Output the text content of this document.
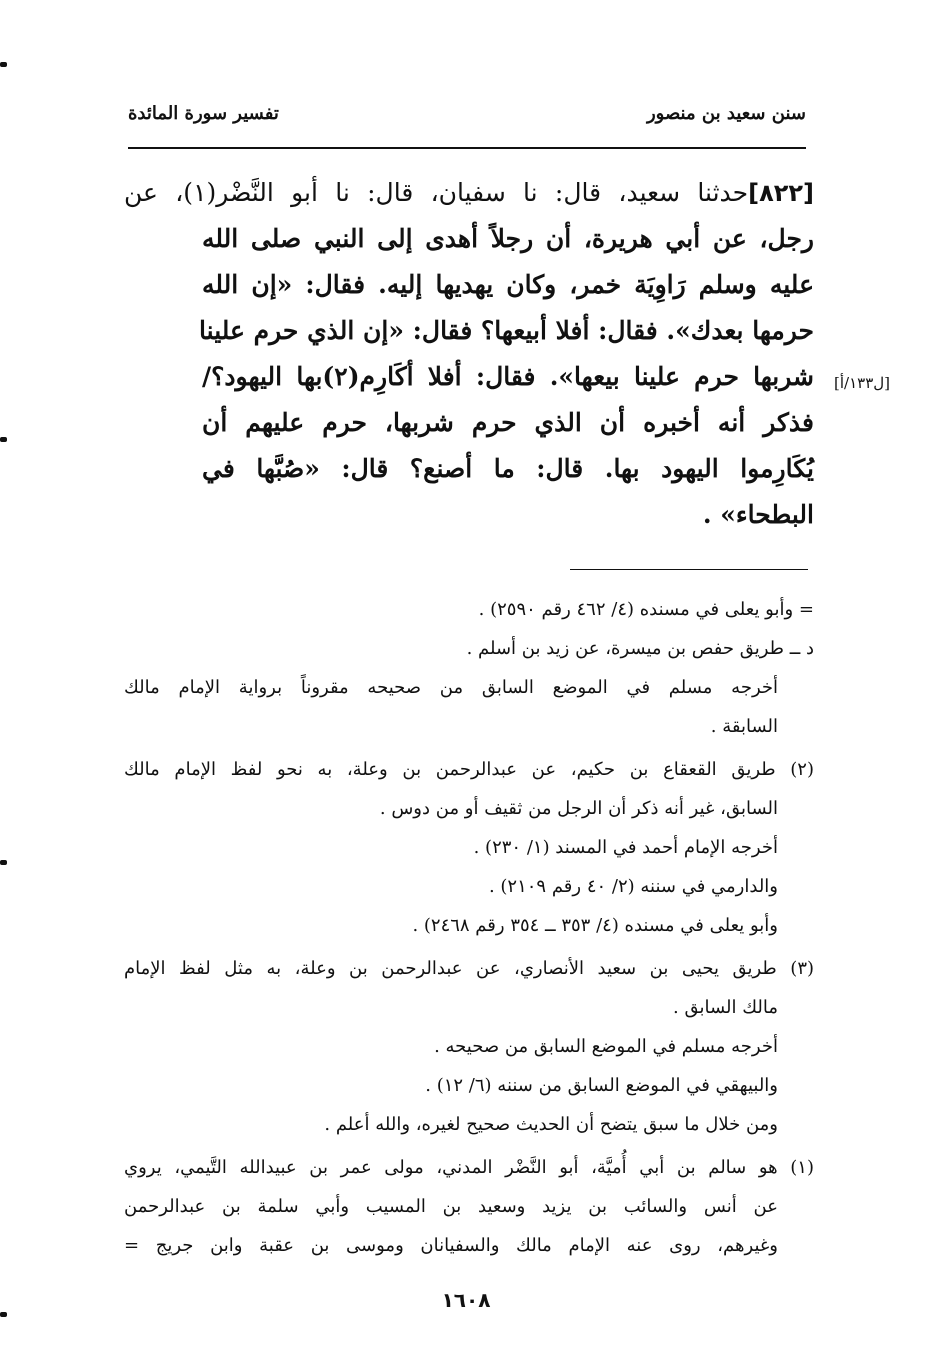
سنن سعيد بن منصور
تفسير سورة المائدة
[٨٢٢]حدثنا سعيد، قال: نا سفيان، قال: نا أبو النَّضْر(١)، عن
رجل، عن أبي هريرة، أن رجلاً أهدى إلى النبي صلى الله
عليه وسلم رَاوِيَة خمر، وكان يهديها إليه. فقال: «إن الله
حرمها بعدك». فقال: أفلا أبيعها؟ فقال: «إن الذي حرم علينا
شربها حرم علينا بيعها». فقال: أفلا أكَارِم(٢)بها اليهود؟/
فذكر أنه أخبره أن الذي حرم شربها، حرم عليهم أن
يُكَارِموا اليهود بها. قال: ما أصنع؟ قال: «صُبَّها في
البطحاء» .
[ل١٣٣/أ]
= وأبو يعلى في مسنده (٤/ ٤٦٢ رقم ٢٥٩٠) .
د ــ طريق حفص بن ميسرة، عن زيد بن أسلم .
أخرجه مسلم في الموضع السابق من صحيحه مقروناً برواية الإمام مالك
السابقة .
(٢) طريق القعقاع بن حكيم، عن عبدالرحمن بن وعلة، به نحو لفظ الإمام مالك
السابق، غير أنه ذكر أن الرجل من ثقيف أو من دوس .
أخرجه الإمام أحمد في المسند (١/ ٢٣٠) .
والدارمي في سننه (٢/ ٤٠ رقم ٢١٠٩) .
وأبو يعلى في مسنده (٤/ ٣٥٣ ــ ٣٥٤ رقم ٢٤٦٨) .
(٣) طريق يحيى بن سعيد الأنصاري، عن عبدالرحمن بن وعلة، به مثل لفظ الإمام
مالك السابق .
أخرجه مسلم في الموضع السابق من صحيحه .
والبيهقي في الموضع السابق من سننه (٦/ ١٢) .
ومن خلال ما سبق يتضح أن الحديث صحيح لغيره، والله أعلم .
(١) هو سالم بن أبي أُميَّة، أبو النَّضْر المدني، مولى عمر بن عبيدالله التَّيمي، يروي
عن أنس والسائب بن يزيد وسعيد بن المسيب وأبي سلمة بن عبدالرحمن
وغيرهم، روى عنه الإمام مالك والسفيانان وموسى بن عقبة وابن جريج =
١٦٠٨
